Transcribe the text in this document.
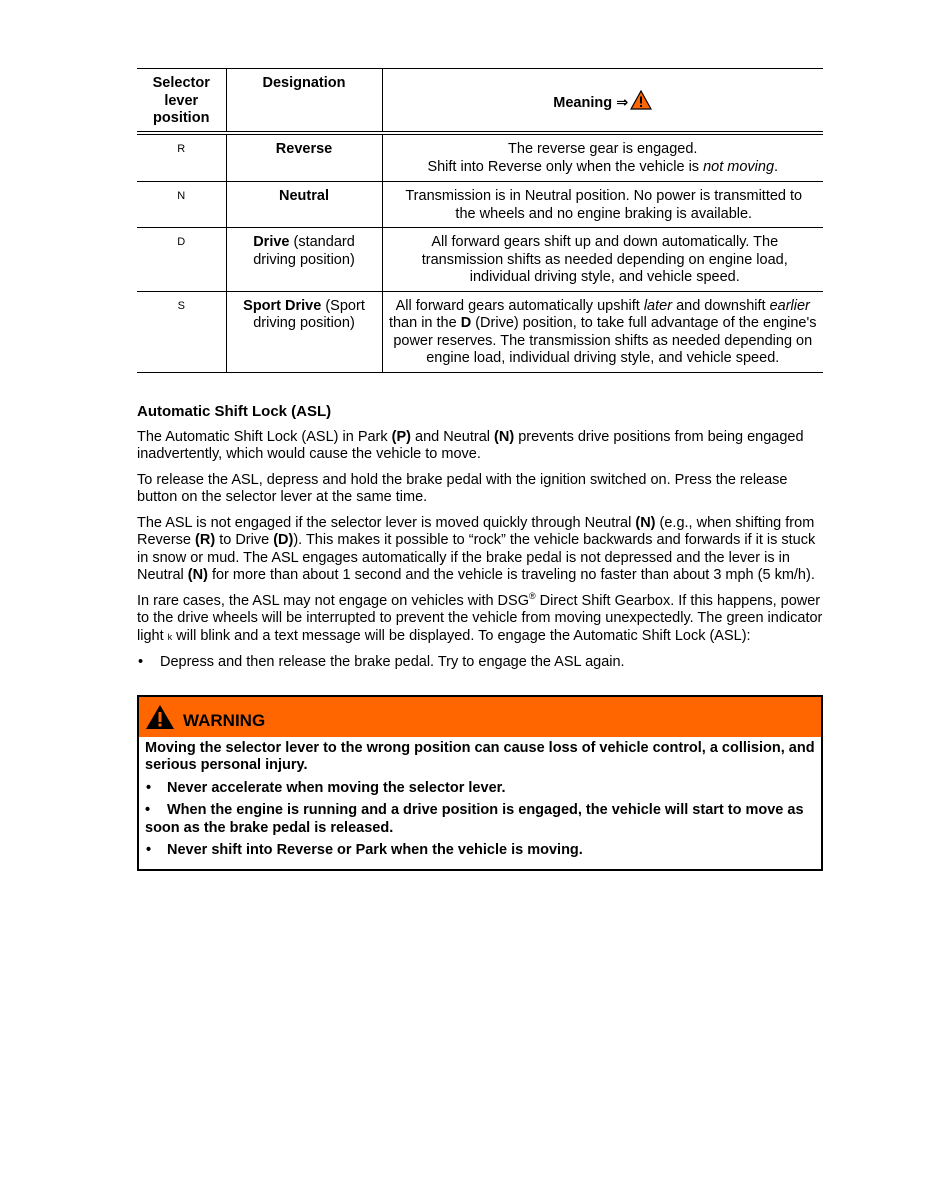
Selector lever position	Designation	Meaning ⇒
R	Reverse	The reverse gear is engaged.
Shift into Reverse only when the vehicle is not moving.
N	Neutral	Transmission is in Neutral position. No power is transmitted to the wheels and no engine braking is available.
D	Drive (standard driving position)	All forward gears shift up and down automatically. The transmission shifts as needed depending on engine load, individual driving style, and vehicle speed.
S	Sport Drive (Sport driving position)	All forward gears automatically upshift later and downshift earlier than in the D (Drive) position, to take full advantage of the engine's power reserves. The transmission shifts as needed depending on engine load, individual driving style, and vehicle speed.
Automatic Shift Lock (ASL)

The Automatic Shift Lock (ASL) in Park (P) and Neutral (N) prevents drive positions from being engaged inadvertently, which would cause the vehicle to move.

To release the ASL, depress and hold the brake pedal with the ignition switched on. Press the release button on the selector lever at the same time.

The ASL is not engaged if the selector lever is moved quickly through Neutral (N) (e.g., when shifting from Reverse (R) to Drive (D)). This makes it possible to “rock” the vehicle backwards and forwards if it is stuck in snow or mud. The ASL engages automatically if the brake pedal is not depressed and the lever is in Neutral (N) for more than about 1 second and the vehicle is traveling no faster than about 3 mph (5 km/h).

In rare cases, the ASL may not engage on vehicles with DSG® Direct Shift Gearbox. If this happens, power to the drive wheels will be interrupted to prevent the vehicle from moving unexpectedly. The green indicator light k will blink and a text message will be displayed. To engage the Automatic Shift Lock (ASL):

• Depress and then release the brake pedal. Try to engage the ASL again.
WARNING

Moving the selector lever to the wrong position can cause loss of vehicle control, a collision, and serious personal injury.

• Never accelerate when moving the selector lever.
• When the engine is running and a drive position is engaged, the vehicle will start to move as soon as the brake pedal is released.
• Never shift into Reverse or Park when the vehicle is moving.
